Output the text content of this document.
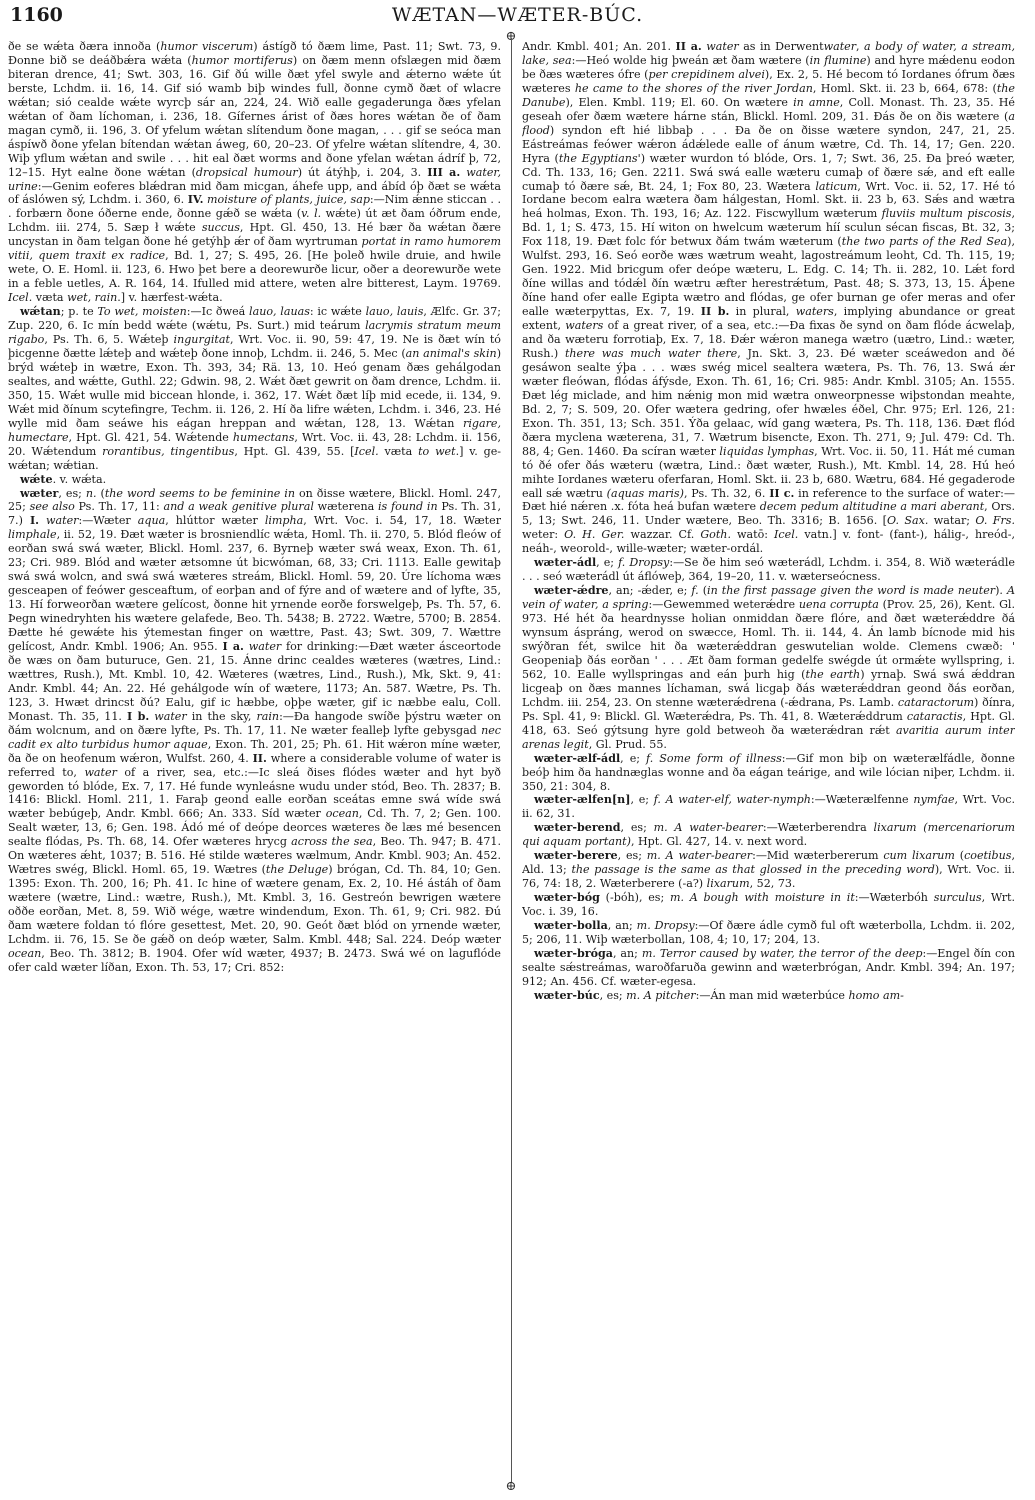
1160	WÆTAN—WÆTER-BÚC.
⊕
⊕

ðe se wǽta ðæra innoða (humor viscerum) ástígð tó ðæm lime, Past. 11; Swt. 73, 9. Ðonne bið se deáðbǽra wǽta (humor mortiferus) on ðæm menn ofslægen mid ðæm biteran drence, 41; Swt. 303, 16. Gif ðú wille ðæt yfel swyle and ǽterno wǽte út berste, Lchdm. ii. 16, 14. Gif sió wamb biþ windes full, ðonne cymð ðæt of wlacre wǽtan; sió cealde wǽte wyrcþ sár an, 224, 24. Wið ealle gegaderunga ðæs yfelan wǽtan of ðam líchoman, i. 236, 18. Gífernes árist of ðæs hores wǽtan ðe of ðam magan cymð, ii. 196, 3. Of yfelum wǽtan slítendum ðone magan, . . . gif se seóca man áspíwð ðone yfelan bítendan wǽtan áweg, 60, 20–23. Of yfelre wǽtan slítendre, 4, 30. Wiþ yflum wǽtan and swile . . . hit eal ðæt worms and ðone yfelan wǽtan ádríf þ, 72, 12–15. Hyt ealne ðone wǽtan (dropsical humour) út átýhþ, i. 204, 3. III a. water, urine:—Genim eoferes blǽdran mid ðam micgan, áhefe upp, and ábíd óþ ðæt se wǽta of áslówen sý, Lchdm. i. 360, 6. IV. moisture of plants, juice, sap:—Nim ǽnne sticcan . . . forbærn ðone óðerne ende, ðonne gǽð se wǽta (v. l. wǽte) út æt ðam óðrum ende, Lchdm. iii. 274, 5. Sæp ł wǽte succus, Hpt. Gl. 450, 13. Hé bær ða wǽtan ðære uncystan in ðam telgan ðone hé getýhþ ǽr of ðam wyrtruman portat in ramo humorem vitii, quem traxit ex radice, Bd. 1, 27; S. 495, 26. [He þoleð hwile druie, and hwile wete, O. E. Homl. ii. 123, 6. Hwo þet bere a deorewurðe licur, oðer a deorewurðe wete in a feble uetles, A. R. 164, 14. Ifulled mid attere, weten alre bitterest, Laym. 19769. Icel. væta wet, rain.] v. hærfest-wǽta.

wǽtan; p. te To wet, moisten:—Ic ðweá lauo, lauas: ic wǽte lauo, lauis, Ælfc. Gr. 37; Zup. 220, 6. Ic mín bedd wǽte (wǽtu, Ps. Surt.) mid teárum lacrymis stratum meum rigabo, Ps. Th. 6, 5. Wǽteþ ingurgitat, Wrt. Voc. ii. 90, 59: 47, 19. Ne is ðæt wín tó þicgenne ðætte lǽteþ and wǽteþ ðone innoþ, Lchdm. ii. 246, 5. Mec (an animal's skin) brýd wǽteþ in wætre, Exon. Th. 393, 34; Rä. 13, 10. Heó genam ðæs gehálgodan sealtes, and wǽtte, Guthl. 22; Gdwin. 98, 2. Wǽt ðæt gewrit on ðam drence, Lchdm. ii. 350, 15. Wǽt wulle mid biccean hlonde, i. 362, 17. Wǽt ðæt líþ mid ecede, ii. 134, 9. Wǽt mid ðínum scytefingre, Techm. ii. 126, 2. Hí ða lifre wǽten, Lchdm. i. 346, 23. Hé wylle mid ðam seáwe his eágan hreppan and wǽtan, 128, 13. Wǽtan rigare, humectare, Hpt. Gl. 421, 54. Wǽtende humectans, Wrt. Voc. ii. 43, 28: Lchdm. ii. 156, 20. Wǽtendum rorantibus, tingentibus, Hpt. Gl. 439, 55. [Icel. væta to wet.] v. ge-wǽtan; wǽtian.

wǽte. v. wǽta.

wæter, es; n. (the word seems to be feminine in on ðisse wætere, Blickl. Homl. 247, 25; see also Ps. Th. 17, 11: and a weak genitive plural wæterena is found in Ps. Th. 31, 7.) I. water:—Wæter aqua, hlúttor wæter limpha, Wrt. Voc. i. 54, 17, 18. Wæter limphale, ii. 52, 19. Ðæt wæter is brosniendlíc wǽta, Homl. Th. ii. 270, 5. Blód fleów of eorðan swá swá wæter, Blickl. Homl. 237, 6. Byrneþ wæter swá weax, Exon. Th. 61, 23; Cri. 989. Blód and wæter ætsomne út bicwóman, 68, 33; Cri. 1113. Ealle gewitaþ swá swá wolcn, and swá swá wæteres streám, Blickl. Homl. 59, 20. Úre líchoma wæs gesceapen of feówer gesceaftum, of eorþan and of fýre and of wætere and of lyfte, 35, 13. Hí forweorðan wætere gelícost, ðonne hit yrnende eorðe forswelgeþ, Ps. Th. 57, 6. Þegn winedryhten his wætere gelafede, Beo. Th. 5438; B. 2722. Wætre, 5700; B. 2854. Ðætte hé gewǽte his ýtemestan finger on wættre, Past. 43; Swt. 309, 7. Wættre gelícost, Andr. Kmbl. 1906; An. 955. I a. water for drinking:—Ðæt wæter ásceortode ðe wæs on ðam buturuce, Gen. 21, 15. Ánne drinc cealdes wæteres (wætres, Lind.: wættres, Rush.), Mt. Kmbl. 10, 42. Wæteres (wætres, Lind., Rush.), Mk, Skt. 9, 41: Andr. Kmbl. 44; An. 22. Hé gehálgode wín of wætere, 1173; An. 587. Wætre, Ps. Th. 123, 3. Hwæt drincst ðú? Ealu, gif ic hæbbe, oþþe wæter, gif ic næbbe ealu, Coll. Monast. Th. 35, 11. I b. water in the sky, rain:—Ða hangode swíðe þýstru wæter on ðám wolcnum, and on ðære lyfte, Ps. Th. 17, 11. Ne wæter fealleþ lyfte gebysgad nec cadit ex alto turbidus humor aquae, Exon. Th. 201, 25; Ph. 61. Hit wǽron míne wæter, ða ðe on heofenum wǽron, Wulfst. 260, 4. II. where a considerable volume of water is referred to, water of a river, sea, etc.:—Ic sleá ðises flódes wæter and hyt byð geworden tó blóde, Ex. 7, 17. Hé funde wynleásne wudu under stód, Beo. Th. 2837; B. 1416: Blickl. Homl. 211, 1. Faraþ geond ealle eorðan sceátas emne swá wíde swá wæter bebúgeþ, Andr. Kmbl. 666; An. 333. Síd wæter ocean, Cd. Th. 7, 2; Gen. 100. Sealt wæter, 13, 6; Gen. 198. Ádó mé of deópe deorces wæteres ðe læs mé besencen sealte flódas, Ps. Th. 68, 14. Ofer wæteres hrycg across the sea, Beo. Th. 947; B. 471. On wæteres ǽht, 1037; B. 516. Hé stilde wæteres wælmum, Andr. Kmbl. 903; An. 452. Wætres swég, Blickl. Homl. 65, 19. Wætres (the Deluge) brógan, Cd. Th. 84, 10; Gen. 1395: Exon. Th. 200, 16; Ph. 41. Ic hine of wætere genam, Ex. 2, 10. Hé ástáh of ðam wætere (wætre, Lind.: wætre, Rush.), Mt. Kmbl. 3, 16. Gestreón bewrigen wætere oððe eorðan, Met. 8, 59. Wið wége, wætre windendum, Exon. Th. 61, 9; Cri. 982. Ðú ðam wætere foldan tó flóre gesettest, Met. 20, 90. Geót ðæt blód on yrnende wæter, Lchdm. ii. 76, 15. Se ðe gǽð on deóp wæter, Salm. Kmbl. 448; Sal. 224. Deóp wæter ocean, Beo. Th. 3812; B. 1904. Ofer wíd wæter, 4937; B. 2473. Swá wé on laguflóde ofer cald wæter líðan, Exon. Th. 53, 17; Cri. 852:

Andr. Kmbl. 401; An. 201. II a. water as in Derwentwater, a body of water, a stream, lake, sea:—Heó wolde hig þweán æt ðam wætere (in flumine) and hyre mǽdenu eodon be ðæs wæteres ófre (per crepidinem alvei), Ex. 2, 5. Hé becom tó Iordanes ófrum ðæs wæteres he came to the shores of the river Jordan, Homl. Skt. ii. 23 b, 664, 678: (the Danube), Elen. Kmbl. 119; El. 60. On wætere in amne, Coll. Monast. Th. 23, 35. Hé geseah ofer ðæm wætere hárne stán, Blickl. Homl. 209, 31. Ðás ðe on ðis wætere (a flood) syndon eft hié libbaþ . . . Ða ðe on ðisse wætere syndon, 247, 21, 25. Eástreámas feówer wǽron ádǽlede ealle of ánum wætre, Cd. Th. 14, 17; Gen. 220. Hyra (the Egyptians') wæter wurdon tó blóde, Ors. 1, 7; Swt. 36, 25. Ða þreó wæter, Cd. Th. 133, 16; Gen. 2211. Swá swá ealle wæteru cumaþ of ðære sǽ, and eft ealle cumaþ tó ðære sǽ, Bt. 24, 1; Fox 80, 23. Wætera laticum, Wrt. Voc. ii. 52, 17. Hé tó Iordane becom ealra wætera ðam hálgestan, Homl. Skt. ii. 23 b, 63. Sǽs and wætra heá holmas, Exon. Th. 193, 16; Az. 122. Fiscwyllum wæterum fluviis multum piscosis, Bd. 1, 1; S. 473, 15. Hí witon on hwelcum wæterum híí sculun sécan fiscas, Bt. 32, 3; Fox 118, 19. Ðæt folc fór betwux ðám twám wæterum (the two parts of the Red Sea), Wulfst. 293, 16. Seó eorðe wæs wætrum weaht, lagostreámum leoht, Cd. Th. 115, 19; Gen. 1922. Mid bricgum ofer deópe wæteru, L. Edg. C. 14; Th. ii. 282, 10. Lǽt ford ðíne willas and tódǽl ðín wætru æfter herestrǽtum, Past. 48; S. 373, 13, 15. Áþene ðíne hand ofer ealle Egipta wætro and flódas, ge ofer burnan ge ofer meras and ofer ealle wæterpyttas, Ex. 7, 19. II b. in plural, waters, implying abundance or great extent, waters of a great river, of a sea, etc.:—Ða fixas ðe synd on ðam flóde ácwelaþ, and ða wæteru forrotiaþ, Ex. 7, 18. Ðǽr wǽron manega wætro (uætro, Lind.: wæter, Rush.) there was much water there, Jn. Skt. 3, 23. Ðé wæter sceáwedon and ðé gesáwon sealte ýþa . . . wæs swég micel sealtera wætera, Ps. Th. 76, 13. Swá ǽr wæter fleówan, flódas áfýsde, Exon. Th. 61, 16; Cri. 985: Andr. Kmbl. 3105; An. 1555. Ðæt lég miclade, and him nǽnig mon mid wætra onweorpnesse wiþstondan meahte, Bd. 2, 7; S. 509, 20. Ofer wætera gedring, ofer hwæles éðel, Chr. 975; Erl. 126, 21: Exon. Th. 351, 13; Sch. 351. Ýða gelaac, wíd gang wætera, Ps. Th. 118, 136. Ðæt flód ðæra myclena wæterena, 31, 7. Wætrum bisencte, Exon. Th. 271, 9; Jul. 479: Cd. Th. 88, 4; Gen. 1460. Ða scíran wæter liquidas lymphas, Wrt. Voc. ii. 50, 11. Hát mé cuman tó ðé ofer ðás wæteru (wætra, Lind.: ðæt wæter, Rush.), Mt. Kmbl. 14, 28. Hú heó mihte Iordanes wæteru oferfaran, Homl. Skt. ii. 23 b, 680. Wætru, 684. Hé gegaderode eall sǽ wætru (aquas maris), Ps. Th. 32, 6. II c. in reference to the surface of water:—Ðæt hié nǽren .x. fóta heá bufan wætere decem pedum altitudine a mari aberant, Ors. 5, 13; Swt. 246, 11. Under wætere, Beo. Th. 3316; B. 1656. [O. Sax. watar; O. Frs. weter: O. H. Ger. wazzar. Cf. Goth. watō: Icel. vatn.] v. font- (fant-), hálig-, hreód-, neáh-, weorold-, wille-wæter; wæter-ordál.

wæter-ádl, e; f. Dropsy:—Se ðe him seó wæterádl, Lchdm. i. 354, 8. Wið wæterádle . . . seó wæterádl út áflóweþ, 364, 19–20, 11. v. wæterseócness.

wæter-ǽdre, an; -ǽder, e; f. (in the first passage given the word is made neuter). A vein of water, a spring:—Gewemmed weterǽdre uena corrupta (Prov. 25, 26), Kent. Gl. 973. Hé hét ða heardnysse holian onmiddan ðære flóre, and ðæt wæterǽddre ðá wynsum áspráng, werod on swæcce, Homl. Th. ii. 144, 4. Án lamb bícnode mid his swýðran fét, swilce hit ða wæterǽddran geswutelian wolde. Clemens cwæð: ' Geopeniaþ ðás eorðan ' . . . Æt ðam forman gedelfe swégde út ormǽte wyllspring, i. 562, 10. Ealle wyllspringas and eán þurh hig (the earth) yrnaþ. Swá swá ǽddran licgeaþ on ðæs mannes líchaman, swá licgaþ ðás wæterǽddran geond ðás eorðan, Lchdm. iii. 254, 23. On stenne wæterǽdrena (-ǽdrana, Ps. Lamb. cataractorum) ðínra, Ps. Spl. 41, 9: Blickl. Gl. Wæterǽdra, Ps. Th. 41, 8. Wæterǽddrum cataractis, Hpt. Gl. 418, 63. Seó gýtsung hyre gold betweoh ða wæterǽdran rǽt avaritia aurum inter arenas legit, Gl. Prud. 55.

wæter-ælf-ádl, e; f. Some form of illness:—Gif mon biþ on wæterælfádle, ðonne beóþ him ða handnæglas wonne and ða eágan teárige, and wile lócian niþer, Lchdm. ii. 350, 21: 304, 8.

wæter-ælfen[n], e; f. A water-elf, water-nymph:—Wæterælfenne nymfae, Wrt. Voc. ii. 62, 31.

wæter-berend, es; m. A water-bearer:—Wæterberendra lixarum (mercenariorum qui aquam portant), Hpt. Gl. 427, 14. v. next word.

wæter-berere, es; m. A water-bearer:—Mid wæterbererum cum lixarum (coetibus, Ald. 13; the passage is the same as that glossed in the preceding word), Wrt. Voc. ii. 76, 74: 18, 2. Wæterberere (-a?) lixarum, 52, 73.

wæter-bóg (-bóh), es; m. A bough with moisture in it:—Wæterbóh surculus, Wrt. Voc. i. 39, 16.

wæter-bolla, an; m. Dropsy:—Of ðære ádle cymð ful oft wæterbolla, Lchdm. ii. 202, 5; 206, 11. Wiþ wæterbollan, 108, 4; 10, 17; 204, 13.

wæter-bróga, an; m. Terror caused by water, the terror of the deep:—Engel ðín con sealte sǽstreámas, waroðfaruða gewinn and wæterbrógan, Andr. Kmbl. 394; An. 197; 912; An. 456. Cf. wæter-egesa.

wæter-búc, es; m. A pitcher:—Án man mid wæterbúce homo am-
